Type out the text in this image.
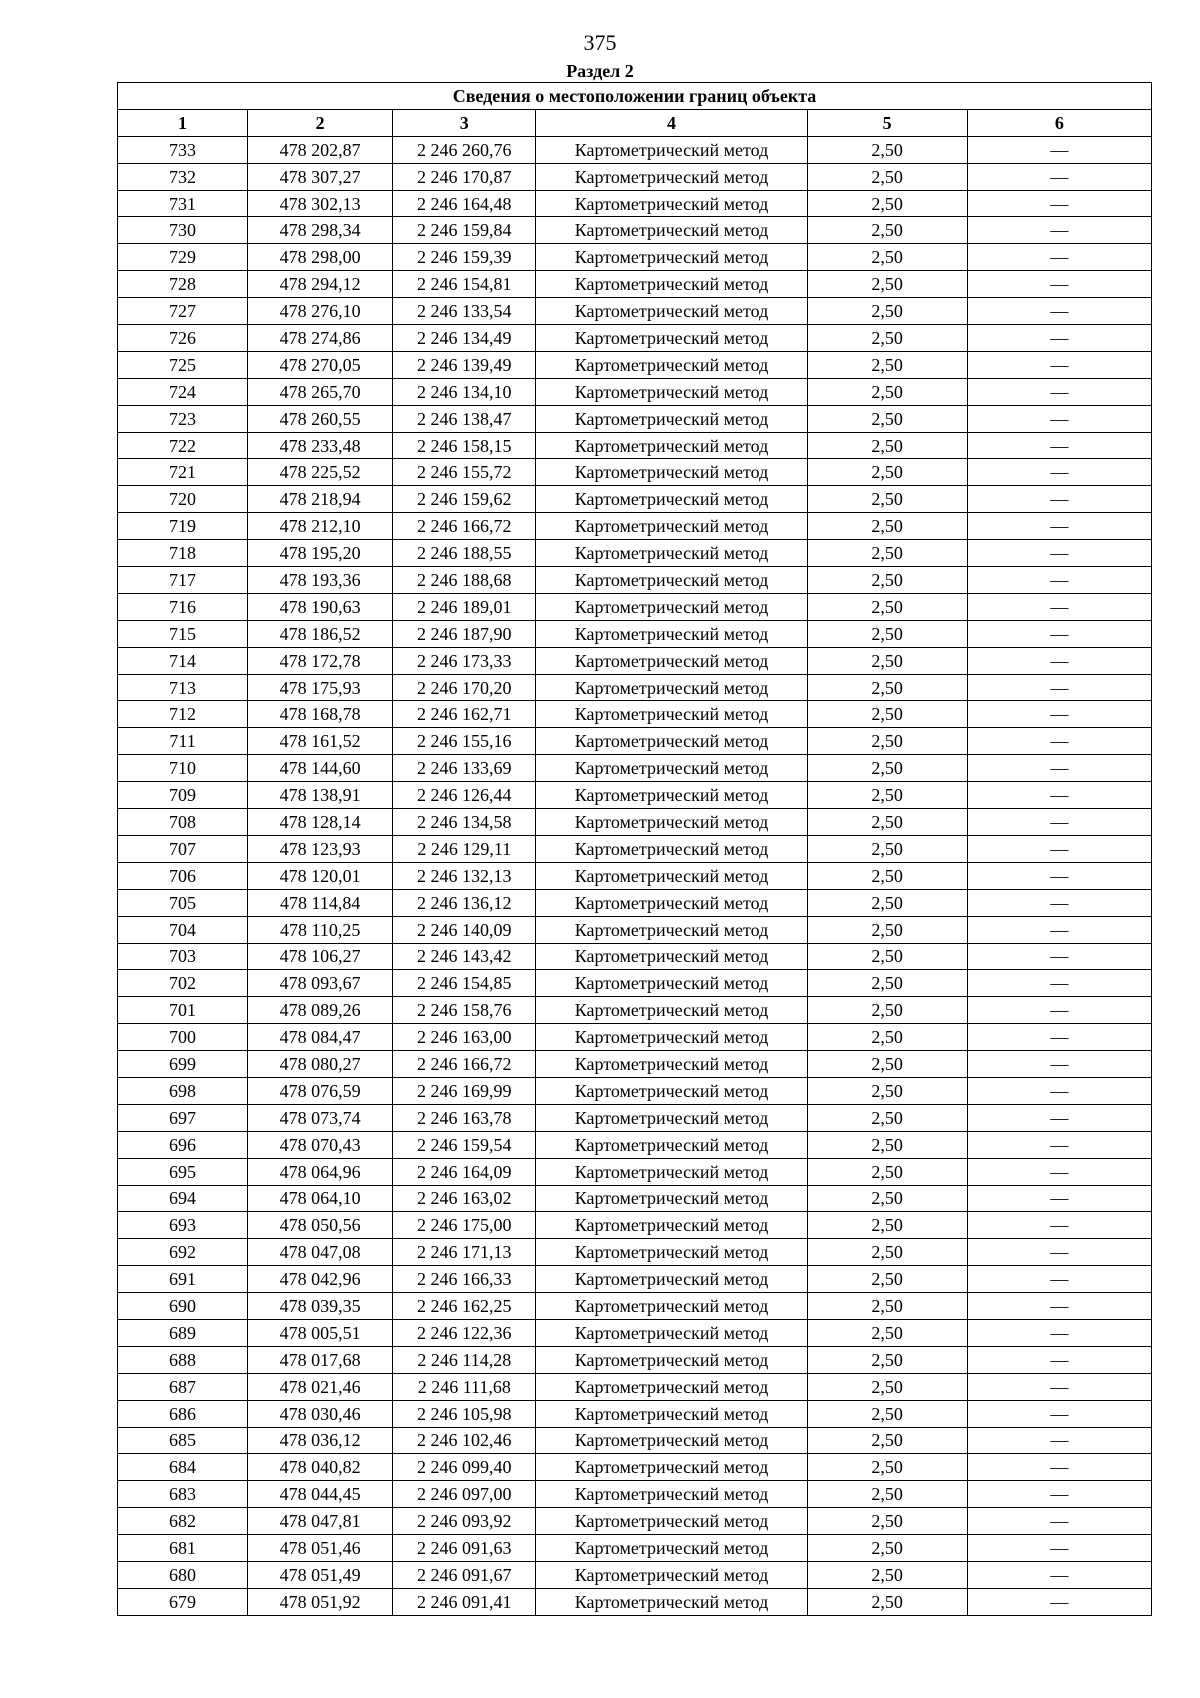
375
Раздел 2
Сведения о местоположении границ объекта					
1	2	3	4	5	6
733	478 202,87	2 246 260,76	Картометрический метод	2,50	—
732	478 307,27	2 246 170,87	Картометрический метод	2,50	—
731	478 302,13	2 246 164,48	Картометрический метод	2,50	—
730	478 298,34	2 246 159,84	Картометрический метод	2,50	—
729	478 298,00	2 246 159,39	Картометрический метод	2,50	—
728	478 294,12	2 246 154,81	Картометрический метод	2,50	—
727	478 276,10	2 246 133,54	Картометрический метод	2,50	—
726	478 274,86	2 246 134,49	Картометрический метод	2,50	—
725	478 270,05	2 246 139,49	Картометрический метод	2,50	—
724	478 265,70	2 246 134,10	Картометрический метод	2,50	—
723	478 260,55	2 246 138,47	Картометрический метод	2,50	—
722	478 233,48	2 246 158,15	Картометрический метод	2,50	—
721	478 225,52	2 246 155,72	Картометрический метод	2,50	—
720	478 218,94	2 246 159,62	Картометрический метод	2,50	—
719	478 212,10	2 246 166,72	Картометрический метод	2,50	—
718	478 195,20	2 246 188,55	Картометрический метод	2,50	—
717	478 193,36	2 246 188,68	Картометрический метод	2,50	—
716	478 190,63	2 246 189,01	Картометрический метод	2,50	—
715	478 186,52	2 246 187,90	Картометрический метод	2,50	—
714	478 172,78	2 246 173,33	Картометрический метод	2,50	—
713	478 175,93	2 246 170,20	Картометрический метод	2,50	—
712	478 168,78	2 246 162,71	Картометрический метод	2,50	—
711	478 161,52	2 246 155,16	Картометрический метод	2,50	—
710	478 144,60	2 246 133,69	Картометрический метод	2,50	—
709	478 138,91	2 246 126,44	Картометрический метод	2,50	—
708	478 128,14	2 246 134,58	Картометрический метод	2,50	—
707	478 123,93	2 246 129,11	Картометрический метод	2,50	—
706	478 120,01	2 246 132,13	Картометрический метод	2,50	—
705	478 114,84	2 246 136,12	Картометрический метод	2,50	—
704	478 110,25	2 246 140,09	Картометрический метод	2,50	—
703	478 106,27	2 246 143,42	Картометрический метод	2,50	—
702	478 093,67	2 246 154,85	Картометрический метод	2,50	—
701	478 089,26	2 246 158,76	Картометрический метод	2,50	—
700	478 084,47	2 246 163,00	Картометрический метод	2,50	—
699	478 080,27	2 246 166,72	Картометрический метод	2,50	—
698	478 076,59	2 246 169,99	Картометрический метод	2,50	—
697	478 073,74	2 246 163,78	Картометрический метод	2,50	—
696	478 070,43	2 246 159,54	Картометрический метод	2,50	—
695	478 064,96	2 246 164,09	Картометрический метод	2,50	—
694	478 064,10	2 246 163,02	Картометрический метод	2,50	—
693	478 050,56	2 246 175,00	Картометрический метод	2,50	—
692	478 047,08	2 246 171,13	Картометрический метод	2,50	—
691	478 042,96	2 246 166,33	Картометрический метод	2,50	—
690	478 039,35	2 246 162,25	Картометрический метод	2,50	—
689	478 005,51	2 246 122,36	Картометрический метод	2,50	—
688	478 017,68	2 246 114,28	Картометрический метод	2,50	—
687	478 021,46	2 246 111,68	Картометрический метод	2,50	—
686	478 030,46	2 246 105,98	Картометрический метод	2,50	—
685	478 036,12	2 246 102,46	Картометрический метод	2,50	—
684	478 040,82	2 246 099,40	Картометрический метод	2,50	—
683	478 044,45	2 246 097,00	Картометрический метод	2,50	—
682	478 047,81	2 246 093,92	Картометрический метод	2,50	—
681	478 051,46	2 246 091,63	Картометрический метод	2,50	—
680	478 051,49	2 246 091,67	Картометрический метод	2,50	—
679	478 051,92	2 246 091,41	Картометрический метод	2,50	—
